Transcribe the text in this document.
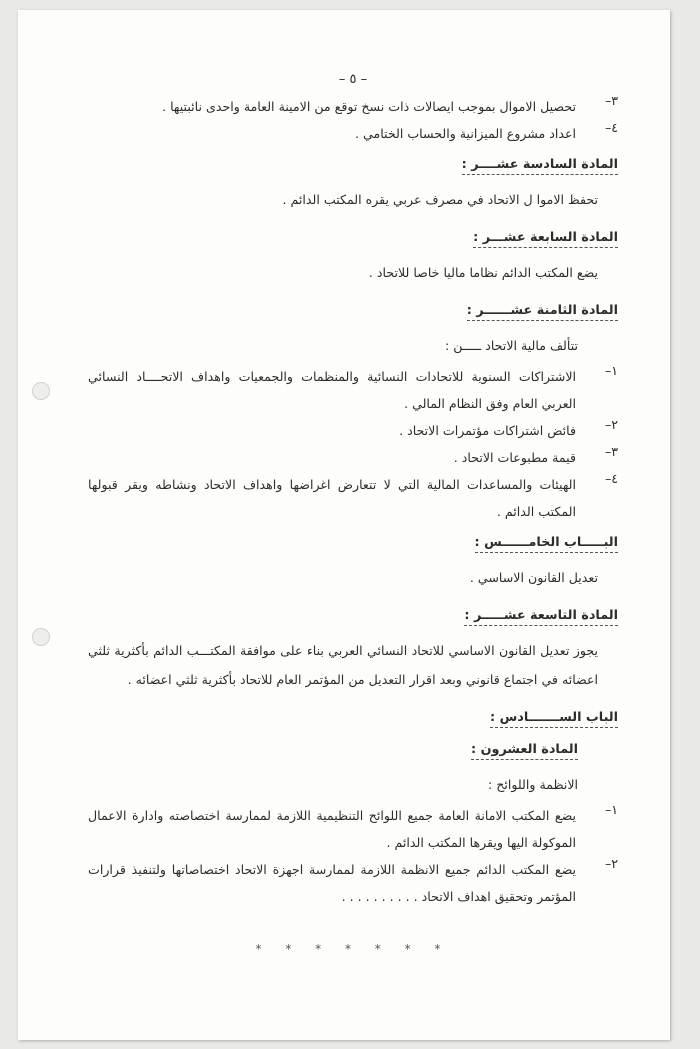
– ٥ –

٣–
تحصيل الاموال بموجب ايصالات ذات نسخ توقع من الامينة العامة واحدى نائبتيها .
٤–
اعداد مشروع الميزانية والحساب الختامي .
المادة السادسة عشــــر :

تحفظ الاموا ل الاتحاد في مصرف عربي يقره المكتب الدائم .

المادة السابعة عشـــر :

يضع المكتب الدائم نظاما ماليا خاصا للاتحاد .

المادة الثامنة عشــــــر :

تتألف مالية الاتحاد ـــــن :

١–
الاشتراكات السنوية للاتحادات النسائية والمنظمات والجمعيات واهداف الاتحــــاد النسائي العربي العام وفق النظام المالي .
٢–
فائض اشتراكات مؤتمرات الاتحاد .
٣–
قيمة مطبوعات الاتحاد .
٤–
الهيئات والمساعدات المالية التي لا تتعارض اغراضها واهداف الاتحاد ونشاطه ويقر قبولها المكتب الدائم .
البـــــاب الخامــــــس :

تعديل القانون الاساسي .

المادة التاسعة عشـــــر :

يجوز تعديل القانون الاساسي للاتحاد النسائي العربي بناء على موافقة المكتـــب الدائم بأكثرية ثلثي اعضائه في اجتماع قانوني وبعد اقرار التعديل من المؤتمر العام للاتحاد بأكثرية ثلثي اعضائه .

الباب الســـــــادس :
المادة العشرون :

الانظمة واللوائح :

١–
يضع المكتب الامانة العامة جميع اللوائح التنظيمية اللازمة لممارسة اختصاصته وادارة الاعمال الموكولة اليها ويقرها المكتب الدائم .
٢–
يضع المكتب الدائم جميع الانظمة اللازمة لممارسة اجهزة الاتحاد اختصاصاتها ولتنفيذ قرارات المؤتمر وتحقيق اهداف الاتحاد . . . . . . . . . .
* * * * * * *
